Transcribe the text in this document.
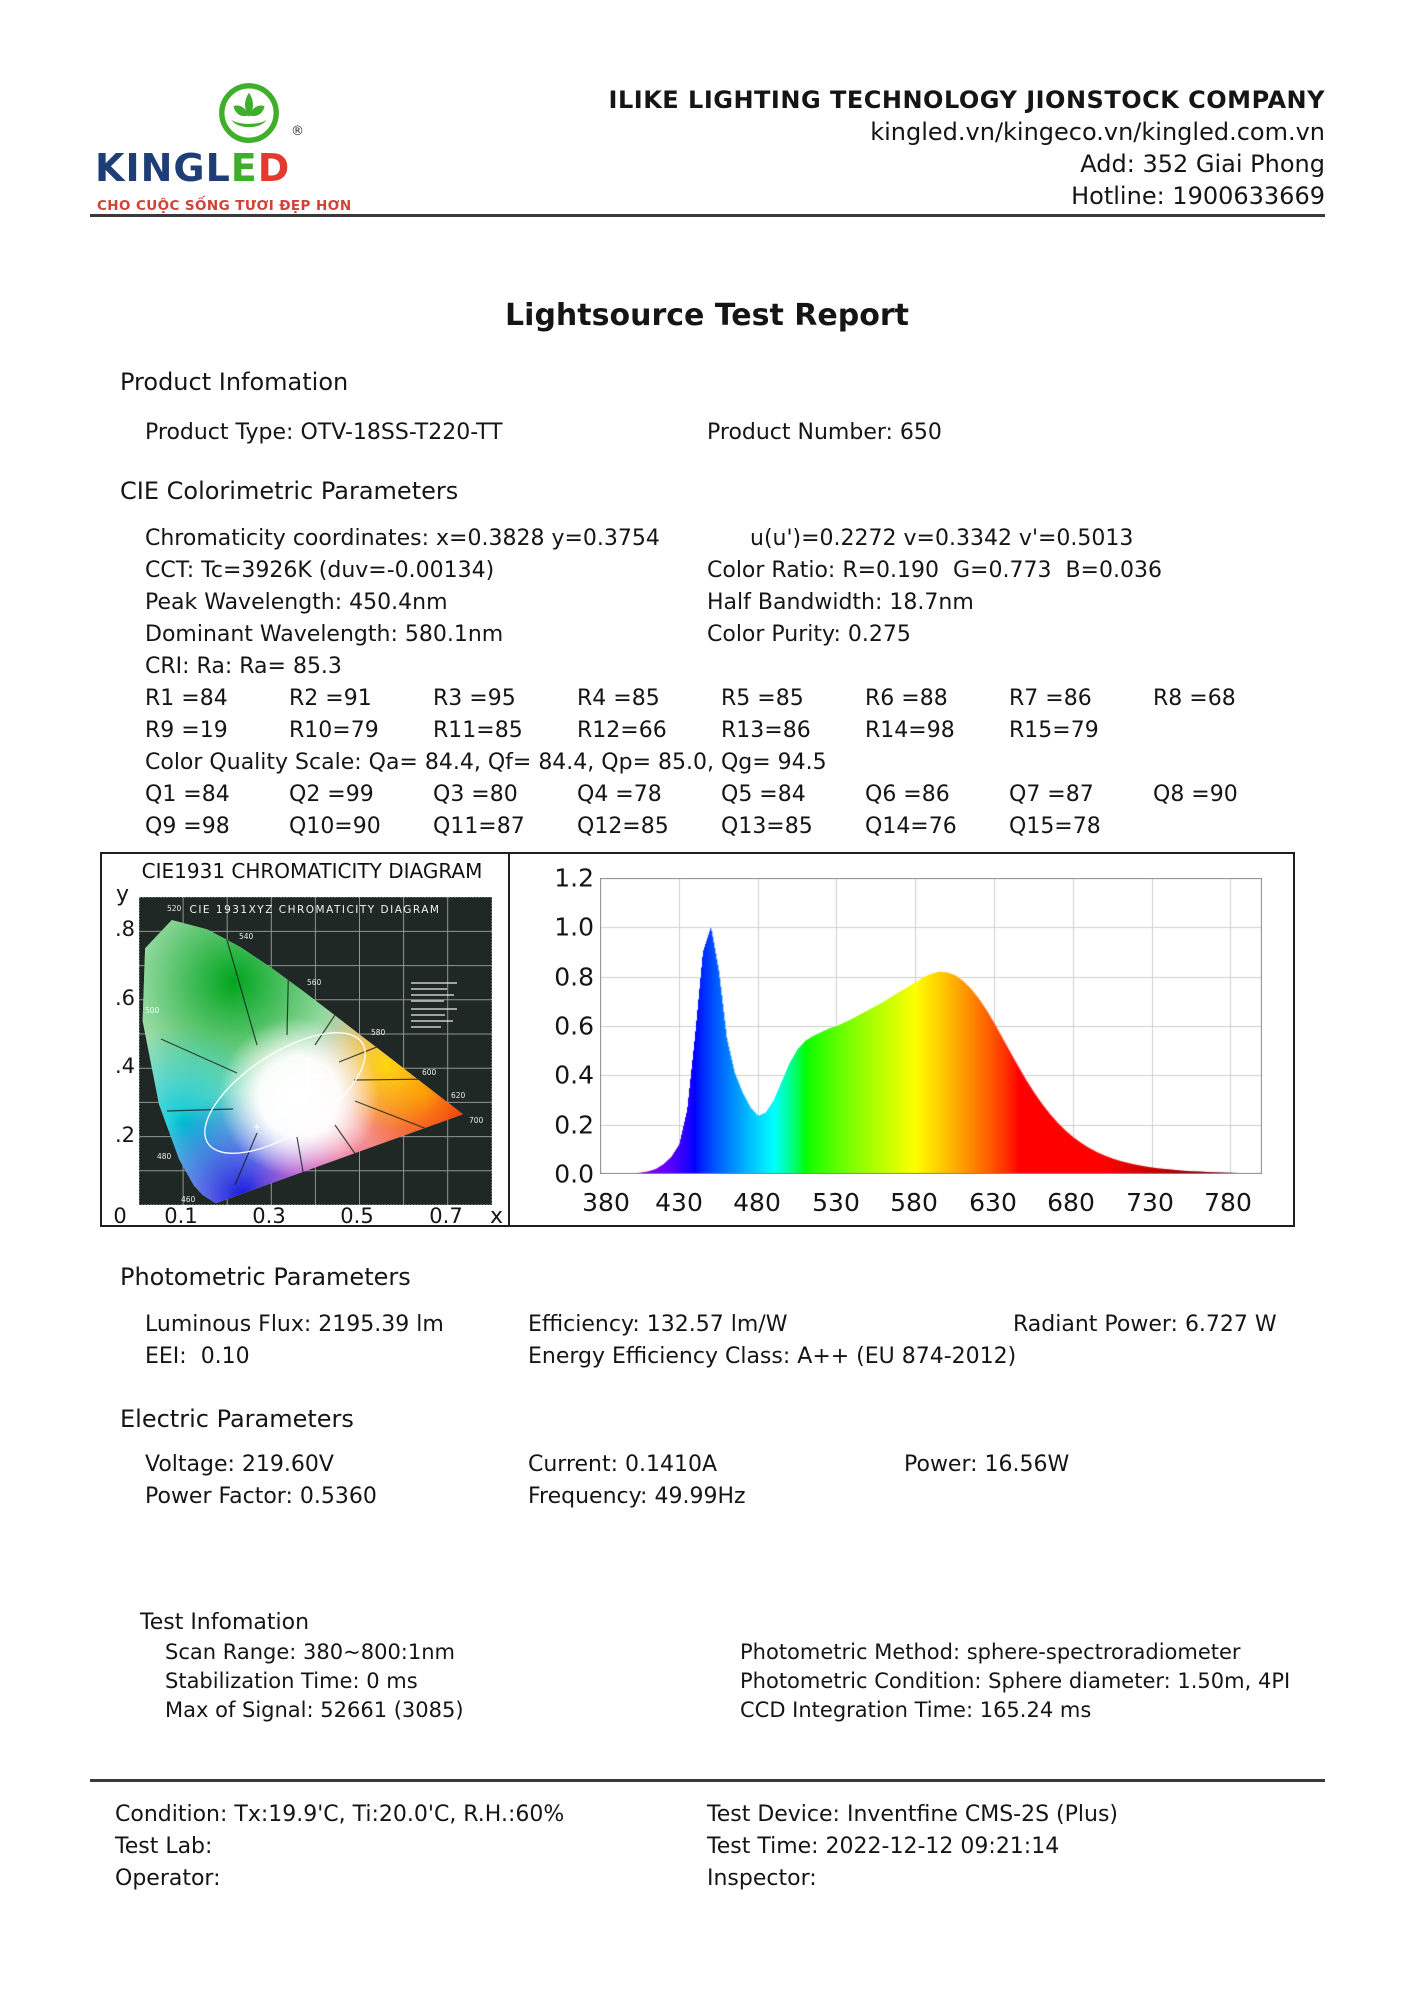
®
KINGLED
CHO CUỘC SỐNG TƯƠI ĐẸP HƠN
ILIKE LIGHTING TECHNOLOGY JIONSTOCK COMPANY
kingled.vn/kingeco.vn/kingled.com.vn
Add: 352 Giai Phong
Hotline: 1900633669
Lightsource Test Report
Product Infomation
Product Type: OTV-18SS-T220-TT	Product Number: 650
CIE Colorimetric Parameters
Chromaticity coordinates: x=0.3828 y=0.3754	u(u')=0.2272 v=0.3342 v'=0.5013
CCT: Tc=3926K (duv=-0.00134)	Color Ratio: R=0.190  G=0.773  B=0.036
Peak Wavelength: 450.4nm	Half Bandwidth: 18.7nm
Dominant Wavelength: 580.1nm	Color Purity: 0.275
CRI: Ra: Ra= 85.3
R1 =84	R2 =91	R3 =95	R4 =85	R5 =85	R6 =88	R7 =86	R8 =68
R9 =19	R10=79	R11=85	R12=66	R13=86	R14=98	R15=79
Color Quality Scale: Qa= 84.4, Qf= 84.4, Qp= 85.0, Qg= 94.5
Q1 =84	Q2 =99	Q3 =80	Q4 =78	Q5 =84	Q6 =86	Q7 =87	Q8 =90
Q9 =98	Q10=90	Q11=87	Q12=85	Q13=85	Q14=76	Q15=78
CIE1931 CHROMATICITY DIAGRAM
y
460
480
500
520
540
560
580
600
620
700
CIE 1931XYZ CHROMATICITY DIAGRAM
.8
.6
.4
.2
0 0.1	0.3	0.5	0.7 x
1.2
1.0
0.8
0.6
0.4
0.2
0.0
380 430 480 530 580 630 680 730 780
Photometric Parameters
Luminous Flux: 2195.39 lm	Efficiency: 132.57 lm/W	Radiant Power: 6.727 W
EEI:  0.10	Energy Efficiency Class: A++ (EU 874-2012)
Electric Parameters
Voltage: 219.60V	Current: 0.1410A	Power: 16.56W
Power Factor: 0.5360	Frequency: 49.99Hz
Test Infomation
Scan Range: 380~800:1nm	Photometric Method: sphere-spectroradiometer
Stabilization Time: 0 ms	Photometric Condition: Sphere diameter: 1.50m, 4PI
Max of Signal: 52661 (3085)	CCD Integration Time: 165.24 ms
Condition: Tx:19.9'C, Ti:20.0'C, R.H.:60%	Test Device: Inventfine CMS-2S (Plus)
Test Lab:	Test Time: 2022-12-12 09:21:14
Operator:	Inspector:
